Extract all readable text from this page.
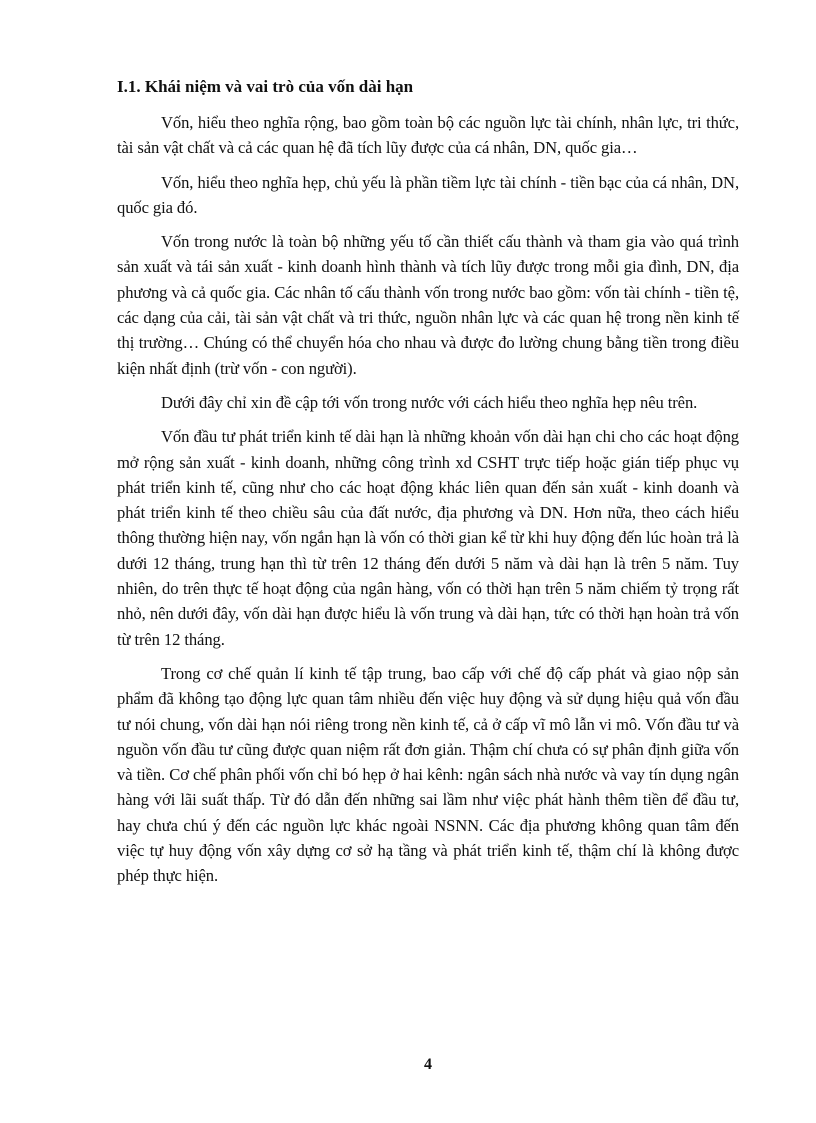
I.1. Khái niệm và vai trò của vốn dài hạn

Vốn, hiểu theo nghĩa rộng, bao gồm toàn bộ các nguồn lực tài chính, nhân lực, tri thức, tài sản vật chất và cả các quan hệ đã tích lũy được của cá nhân, DN, quốc gia…

Vốn, hiểu theo nghĩa hẹp, chủ yếu là phần tiềm lực tài chính - tiền bạc của cá nhân, DN, quốc gia đó.

Vốn trong nước là toàn bộ những yếu tố cần thiết cấu thành và tham gia vào quá trình sản xuất và tái sản xuất - kinh doanh hình thành và tích lũy được trong mỗi gia đình, DN, địa phương và cả quốc gia. Các nhân tố cấu thành vốn trong nước bao gồm: vốn tài chính - tiền tệ, các dạng của cải, tài sản vật chất và tri thức, nguồn nhân lực và các quan hệ trong nền kinh tế thị trường… Chúng có thể chuyển hóa cho nhau và được đo lường chung bằng tiền trong điều kiện nhất định (trừ vốn - con người).

Dưới đây chỉ xin đề cập tới vốn trong nước với cách hiểu theo nghĩa hẹp nêu trên.

Vốn đầu tư phát triển kinh tế dài hạn là những khoản vốn dài hạn chi cho các hoạt động mở rộng sản xuất - kinh doanh, những công trình xd CSHT trực tiếp hoặc gián tiếp phục vụ phát triển kinh tế, cũng như cho các hoạt động khác liên quan đến sản xuất - kinh doanh và phát triển kinh tế theo chiều sâu của đất nước, địa phương và DN. Hơn nữa, theo cách hiểu thông thường hiện nay, vốn ngắn hạn là vốn có thời gian kể từ khi huy động đến lúc hoàn trả là dưới 12 tháng, trung hạn thì từ trên 12 tháng đến dưới 5 năm và dài hạn là trên 5 năm. Tuy nhiên, do trên thực tế hoạt động của ngân hàng, vốn có thời hạn trên 5 năm chiếm tỷ trọng rất nhỏ, nên dưới đây, vốn dài hạn được hiểu là vốn trung và dài hạn, tức có thời hạn hoàn trả vốn từ trên 12 tháng.

Trong cơ chế quản lí kinh tế tập trung, bao cấp với chế độ cấp phát và giao nộp sản phẩm đã không tạo động lực quan tâm nhiều đến việc huy động và sử dụng hiệu quả vốn đầu tư nói chung, vốn dài hạn nói riêng trong nền kinh tế, cả ở cấp vĩ mô lẫn vi mô. Vốn đầu tư và nguồn vốn đầu tư cũng được quan niệm rất đơn giản. Thậm chí chưa có sự phân định giữa vốn và tiền. Cơ chế phân phối vốn chỉ bó hẹp ở hai kênh: ngân sách nhà nước và vay tín dụng ngân hàng với lãi suất thấp. Từ đó dẫn đến những sai lầm như việc phát hành thêm tiền để đầu tư, hay chưa chú ý đến các nguồn lực khác ngoài NSNN. Các địa phương không quan tâm đến việc tự huy động vốn xây dựng cơ sở hạ tầng và phát triển kinh tế, thậm chí là không được phép thực hiện.

4
